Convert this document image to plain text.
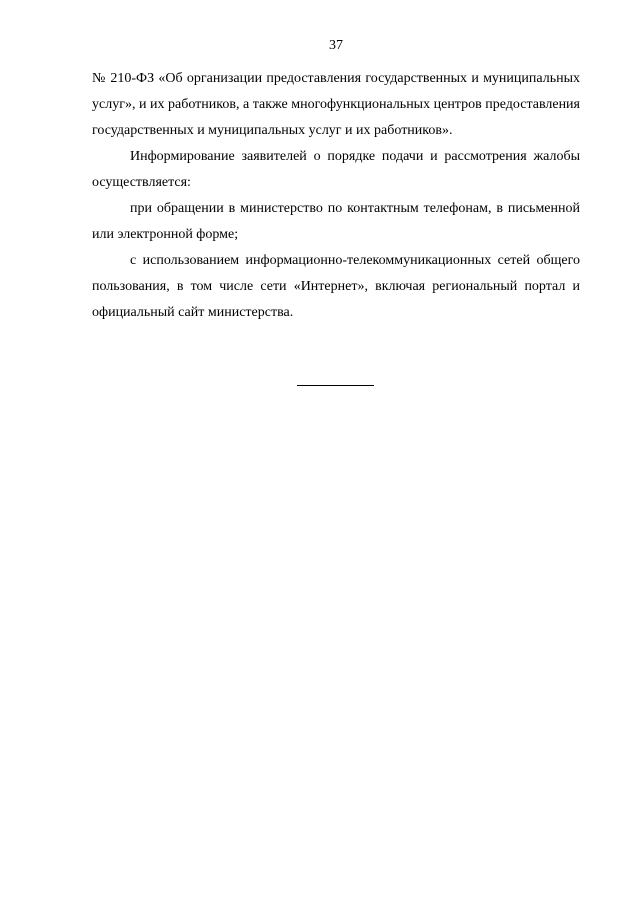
37

№ 210-ФЗ «Об организации предоставления государственных и муниципальных услуг», и их работников, а также многофункциональных центров предоставления государственных и муниципальных услуг и их работников».

Информирование заявителей о порядке подачи и рассмотрения жалобы осуществляется:

при обращении в министерство по контактным телефонам, в письменной или электронной форме;

с использованием информационно-телекоммуникационных сетей общего пользования, в том числе сети «Интернет», включая региональный портал и официальный сайт министерства.
